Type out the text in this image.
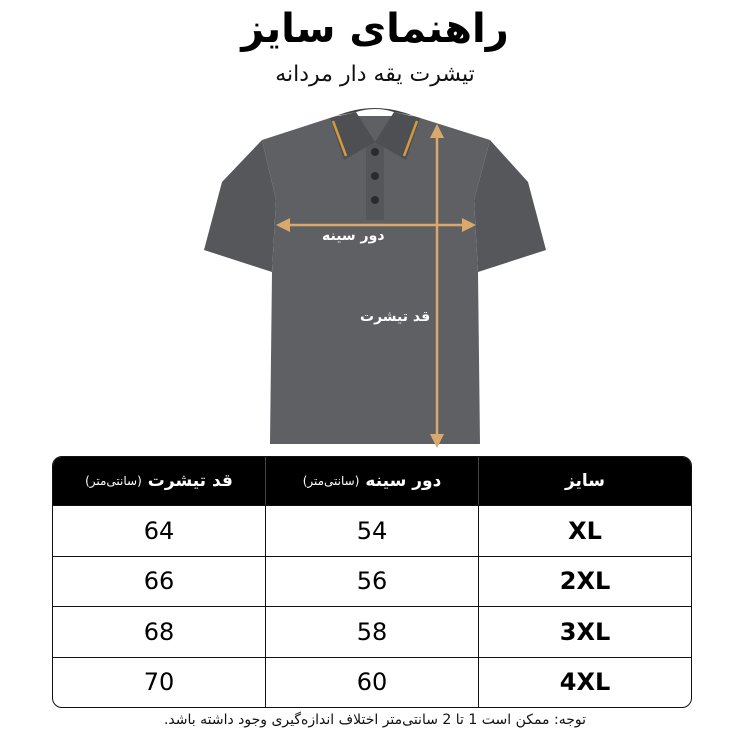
راهنمای سایز
تیشرت یقه دار مردانه
دور سینه
قد تیشرت
سایز
دور سینه
(سانتی‌متر)
قد تیشرت
(سانتی‌متر)
XL
54
64
2XL
56
66
3XL
58
68
4XL
60
70
توجه: ممکن است 1 تا 2 سانتی‌متر اختلاف اندازه‌گیری وجود داشته باشد.
